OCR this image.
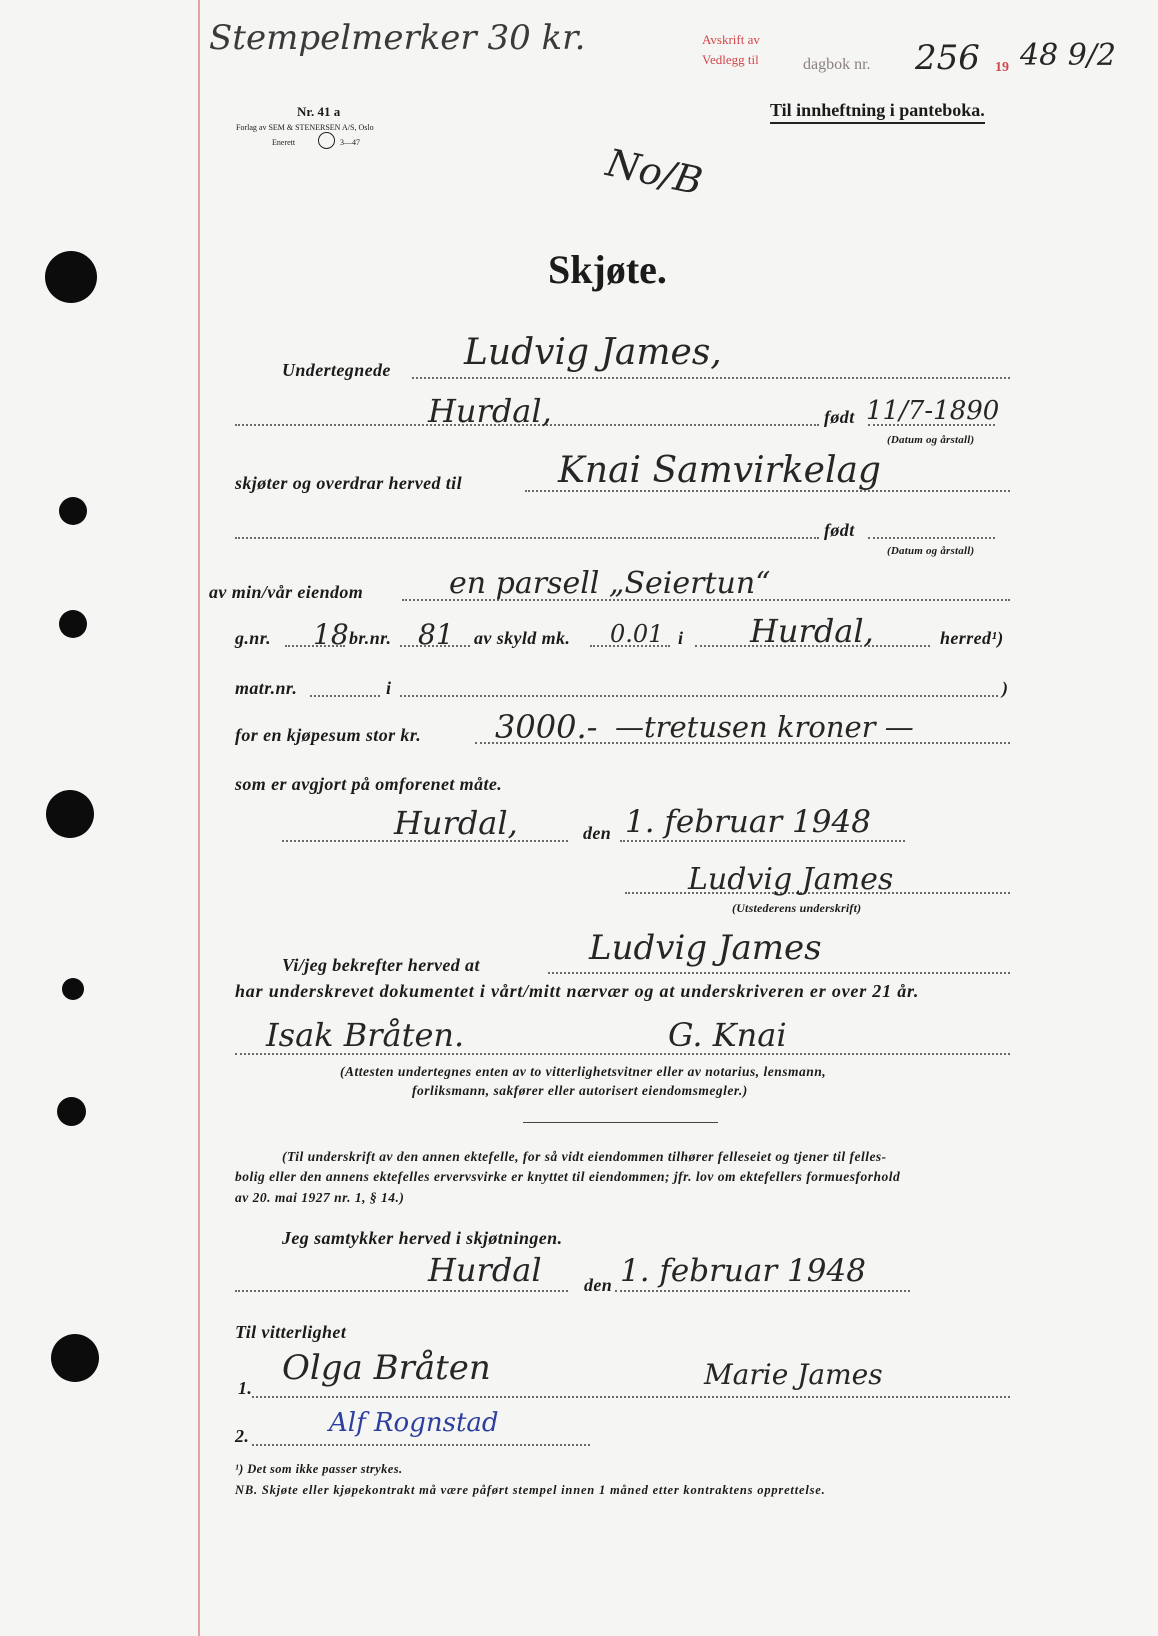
Stempelmerker 30 kr.	Avskrift av
Vedlegg til	dagbok nr. 256 19 48 9/2
Nr. 41 a
Forlag av SEM & STENERSEN A/S, Oslo
Enerett	3—47
Til innheftning i panteboka.
No/B
Skjøte.
Undertegnede Ludvig James,
Hurdal,	født 11/7-1890
(Datum og årstall)
skjøter og overdrar herved til	Knai Samvirkelag
født
(Datum og årstall)
av min/vår eiendom	en parsell „Seiertun“
g.nr. 18 br.nr. 81 av skyld mk. 0.01 i Hurdal,	herred¹)
matr.nr.	i	)
for en kjøpesum stor kr. 3000.- —tretusen kroner —
som er avgjort på omforenet måte.
Hurdal,	den 1. februar 1948
Ludvig James
(Utstederens underskrift)
Vi/jeg bekrefter herved at	Ludvig James
har underskrevet dokumentet i vårt/mitt nærvær og at underskriveren er over 21 år.
Isak Bråten.	G. Knai
(Attesten undertegnes enten av to vitterlighetsvitner eller av notarius, lensmann,
forliksmann, sakfører eller autorisert eiendomsmegler.)
(Til underskrift av den annen ektefelle, for så vidt eiendommen tilhører felleseiet og tjener til felles-
bolig eller den annens ektefelles ervervsvirke er knyttet til eiendommen; jfr. lov om ektefellers formuesforhold
av 20. mai 1927 nr. 1, § 14.)
Jeg samtykker herved i skjøtningen.
Hurdal den 1. februar 1948
Til vitterlighet
1. Olga Bråten	Marie James
2.	Alf Rognstad
¹) Det som ikke passer strykes.
NB. Skjøte eller kjøpekontrakt må være påført stempel innen 1 måned etter kontraktens opprettelse.
